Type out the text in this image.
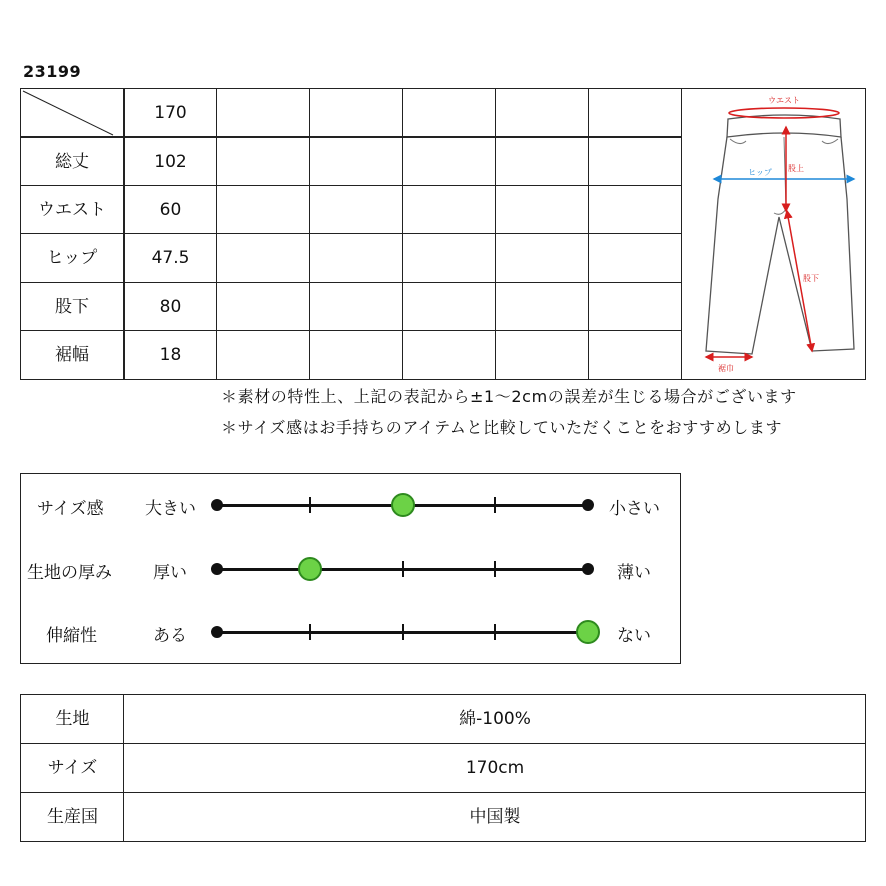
23199
170
総丈	102
ウエスト	60
ヒップ	47.5
股下	80
裾幅	18
ウエスト
ヒップ 股上
股下
裾巾
＊素材の特性上、上記の表記から±1～2cmの誤差が生じる場合がございます
＊サイズ感はお手持ちのアイテムと比較していただくことをおすすめします
サイズ感 大きい	小さい
生地の厚み 厚い	薄い
伸縮性	ある	ない
生地	綿-100%
サイズ	170cm
生産国	中国製
